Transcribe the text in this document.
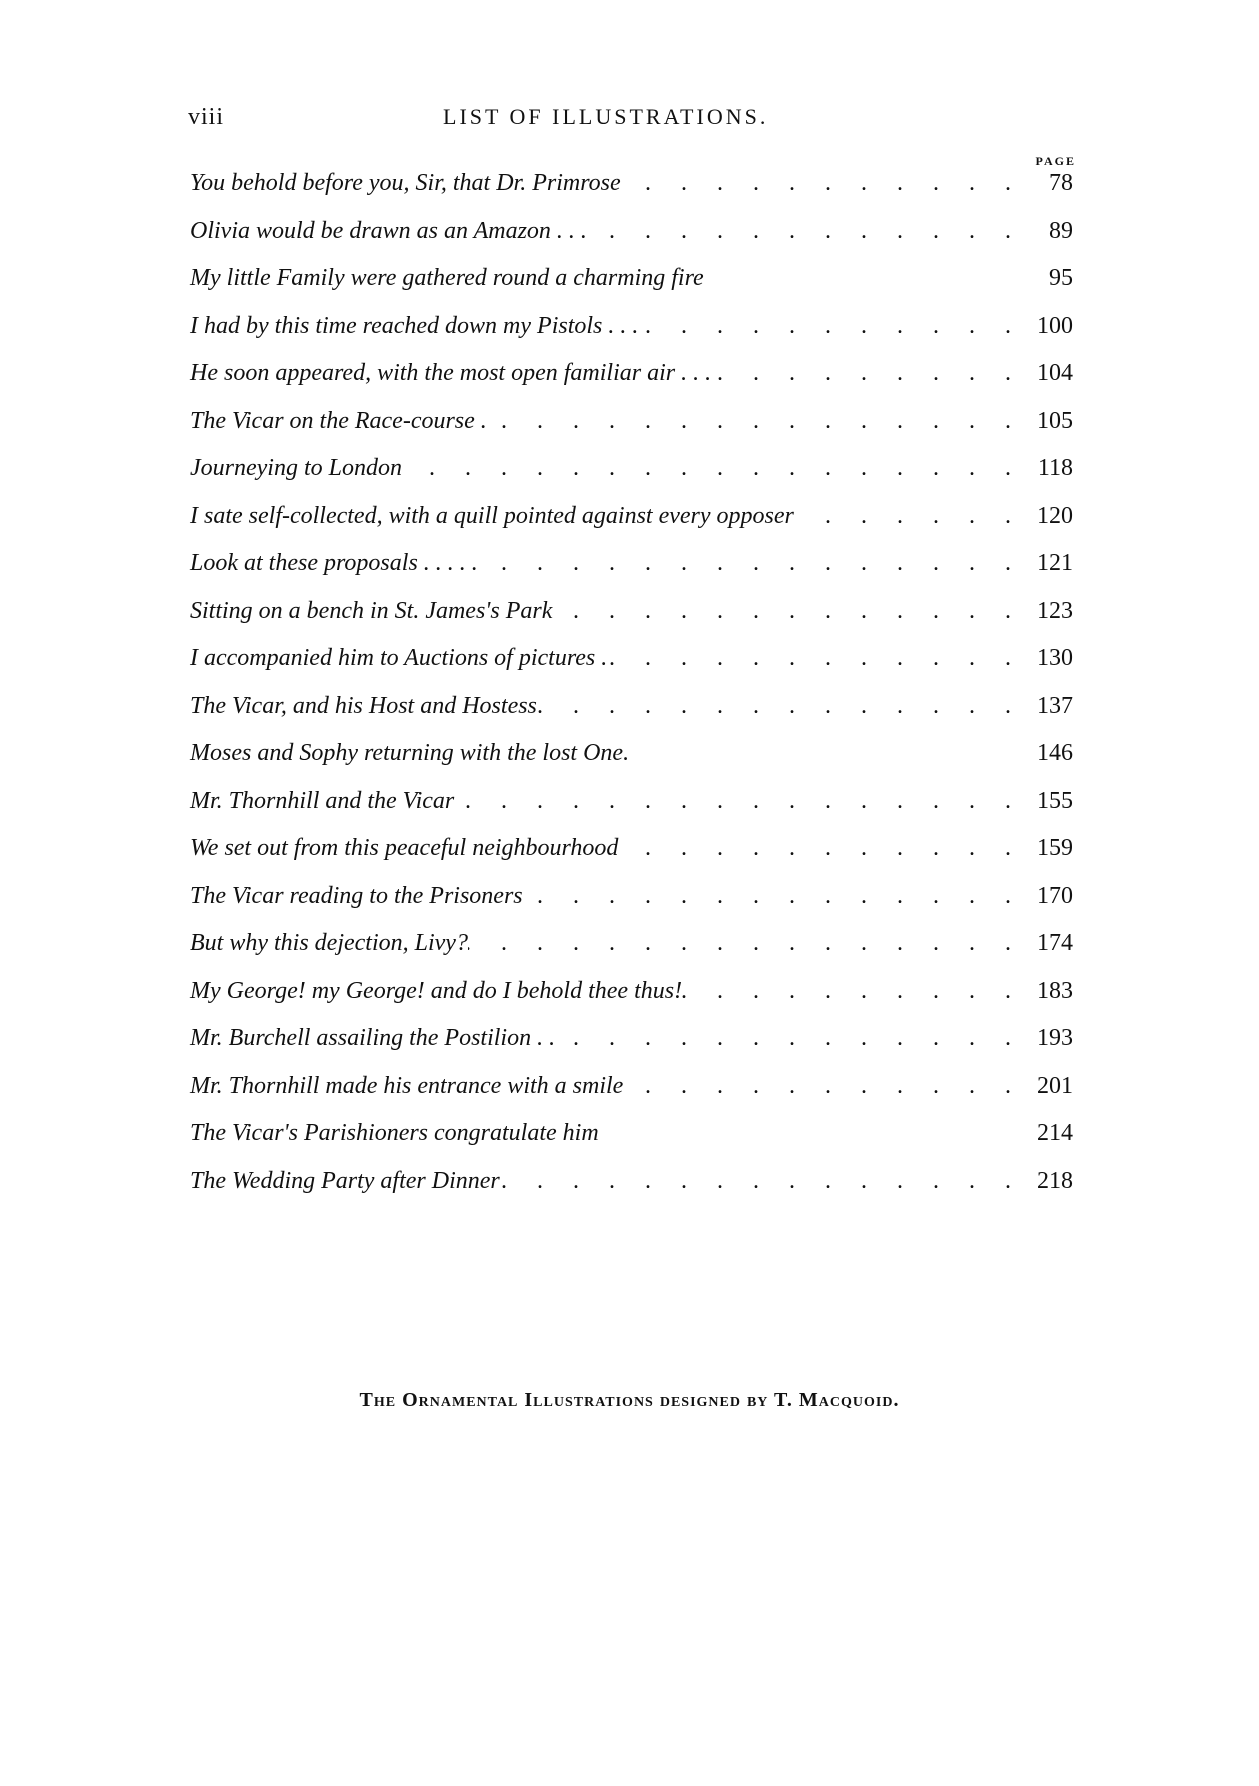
viii	LIST OF ILLUSTRATIONS.
PAGE
You behold before you, Sir, that Dr. Primrose . . .	78
Olivia would be drawn as an Amazon . . . . . .	89
My little Family were gathered round a charming fire	95
I had by this time reached down my Pistols . . . . . .	100
He soon appeared, with the most open familiar air . . . . . .	104
The Vicar on the Race-course . . . .	105
Journeying to London . . .	118
I sate self-collected, with a quill pointed against every opposer . . .	120
Look at these proposals . . . . . . . .	121
Sitting on a bench in St. James's Park . . .	123
I accompanied him to Auctions of pictures . . . .	130
The Vicar, and his Host and Hostess . . .	137
Moses and Sophy returning with the lost One.	146
Mr. Thornhill and the Vicar . . .	155
We set out from this peaceful neighbourhood . . .	159
The Vicar reading to the Prisoners . . .	170
But why this dejection, Livy? . . .	174
My George! my George! and do I behold thee thus! . . .	183
Mr. Burchell assailing the Postilion . . . . .	193
Mr. Thornhill made his entrance with a smile . . .	201
The Vicar's Parishioners congratulate him	214
The Wedding Party after Dinner . . .	218
The Ornamental Illustrations designed by T. Macquoid.
